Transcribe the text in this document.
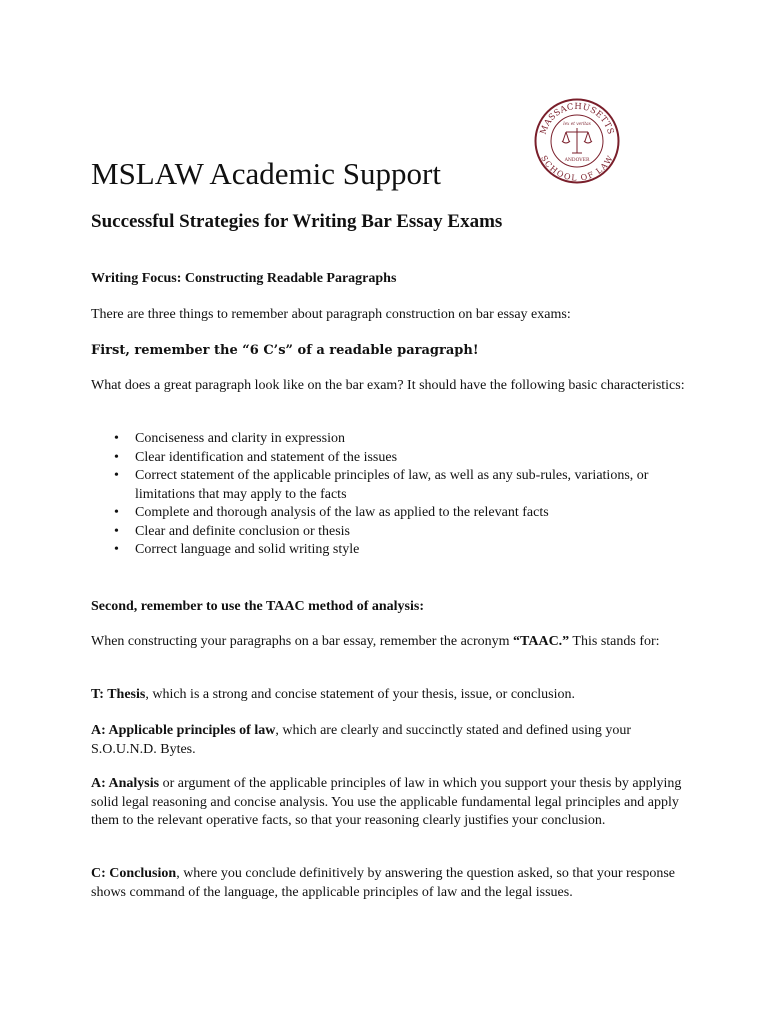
MASSACHUSETTS
SCHOOL OF LAW
lex et veritas
ANDOVER
MSLAW Academic Support
Successful Strategies for Writing Bar Essay Exams

Writing Focus: Constructing Readable Paragraphs

There are three things to remember about paragraph construction on bar essay exams:

First, remember the “6 C’s” of a readable paragraph!

What does a great paragraph look like on the bar exam? It should have the following basic characteristics:

• Conciseness and clarity in expression
• Clear identification and statement of the issues
• Correct statement of the applicable principles of law, as well as any sub-rules, variations, or limitations that may apply to the facts
• Complete and thorough analysis of the law as applied to the relevant facts
• Clear and definite conclusion or thesis
• Correct language and solid writing style

Second, remember to use the TAAC method of analysis:

When constructing your paragraphs on a bar essay, remember the acronym “TAAC.” This stands for:

T: Thesis, which is a strong and concise statement of your thesis, issue, or conclusion.

A: Applicable principles of law, which are clearly and succinctly stated and defined using your S.O.U.N.D. Bytes.

A: Analysis or argument of the applicable principles of law in which you support your thesis by applying solid legal reasoning and concise analysis. You use the applicable fundamental legal principles and apply them to the relevant operative facts, so that your reasoning clearly justifies your conclusion.

C: Conclusion, where you conclude definitively by answering the question asked, so that your response shows command of the language, the applicable principles of law and the legal issues.
